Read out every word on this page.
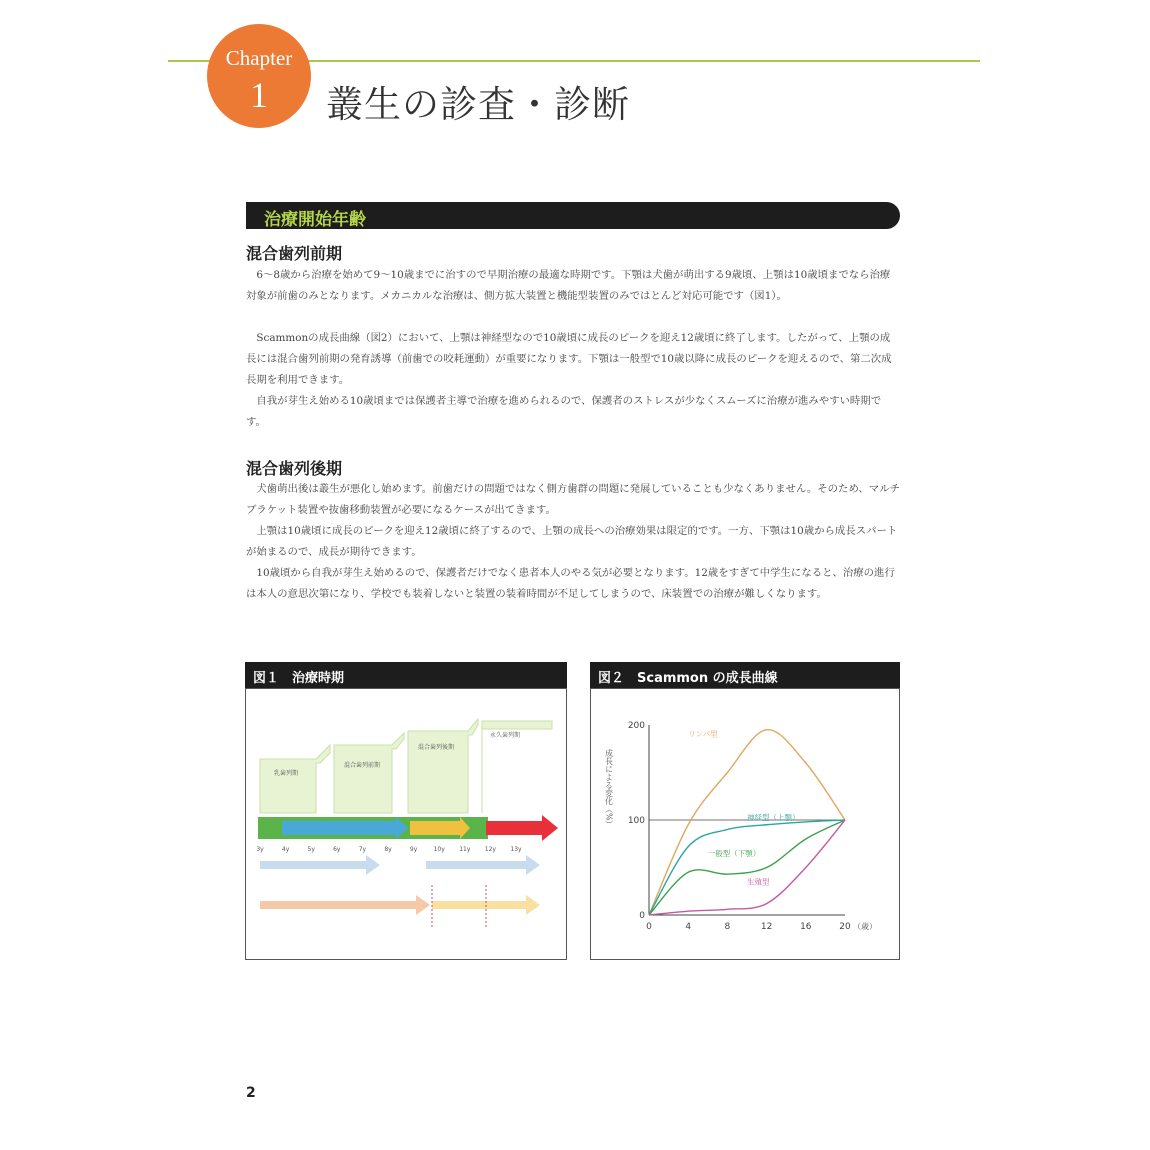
Chapter
1	叢生の診査・診断
治療開始年齢
混合歯列前期
　6～8歳から治療を始めて9～10歳までに治すので早期治療の最適な時期です。下顎は犬歯が萌出する9歳頃、上顎は10歳頃までなら治療対象が前歯のみとなります。メカニカルな治療は、側方拡大装置と機能型装置のみではとんど対応可能です（図1）。
　Scammonの成長曲線（図2）において、上顎は神経型なので10歳頃に成長のピークを迎え12歳頃に終了します。したがって、上顎の成長には混合歯列前期の発育誘導（前歯での咬耗運動）が重要になります。下顎は一般型で10歳以降に成長のピークを迎えるので、第二次成長期を利用できます。
　自我が芽生え始める10歳頃までは保護者主導で治療を進められるので、保護者のストレスが少なくスムーズに治療が進みやすい時期です。
混合歯列後期
　犬歯萌出後は叢生が悪化し始めます。前歯だけの問題ではなく側方歯群の問題に発展していることも少なくありません。そのため、マルチブラケット装置や抜歯移動装置が必要になるケースが出てきます。
　上顎は10歳頃に成長のピークを迎え12歳頃に終了するので、上顎の成長への治療効果は限定的です。一方、下顎は10歳から成長スパートが始まるので、成長が期待できます。
　10歳頃から自我が芽生え始めるので、保護者だけでなく患者本人のやる気が必要となります。12歳をすぎて中学生になると、治療の進行は本人の意思次第になり、学校でも装着しないと装置の装着時間が不足してしまうので、床装置での治療が難しくなります。
図１　治療時期
乳歯列期
混合歯列前期
混合歯列後期
永久歯列期
3y	4y	5y	6y	7y	8y	9y	10y 11y 12y 13y
図２　Scammon の成長曲線
成長による変化（%）
（歳）
0	4	8	12	16	20
0
100
200
リンパ型
神経型（上顎）
一般型（下顎）
生殖型
2
